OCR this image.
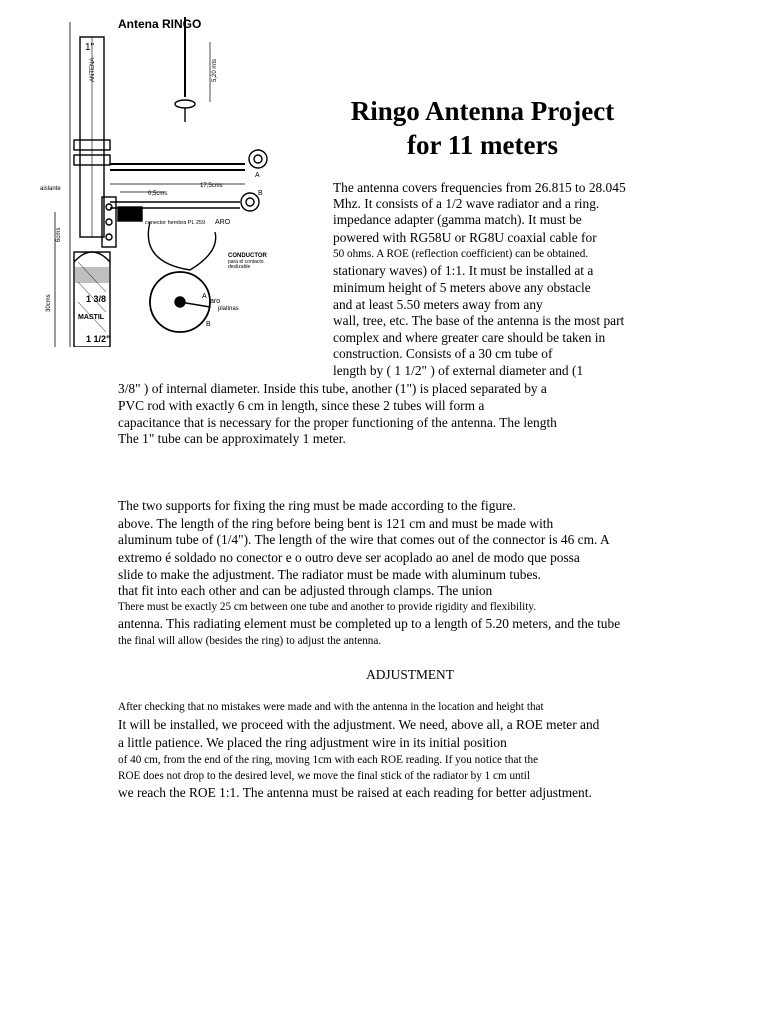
Antena RINGO
1"
ANTENA	5,20 mts
17,5cms
A
B
aislante
6cms
30cms
0,5cms
conector hembra PL 259 ARO
CONDUCTOR
para el contacto
deslizable
1 3/8
MASTIL
1 1/2"
A
aro
platinas
B
Ringo Antenna Project
for 11 meters
The antenna covers frequencies from 26.815 to 28.045
Mhz. It consists of a 1/2 wave radiator and a ring.
impedance adapter (gamma match). It must be
powered with RG58U or RG8U coaxial cable for
50 ohms. A ROE (reflection coefficient) can be obtained.
stationary waves) of 1:1. It must be installed at a
minimum height of 5 meters above any obstacle
and at least 5.50 meters away from any
wall, tree, etc. The base of the antenna is the most part
complex and where greater care should be taken in
construction. Consists of a 30 cm tube of
length by ( 1 1/2" ) of external diameter and (1
3/8" ) of internal diameter. Inside this tube, another (1") is placed separated by a
PVC rod with exactly 6 cm in length, since these 2 tubes will form a
capacitance that is necessary for the proper functioning of the antenna. The length
The 1" tube can be approximately 1 meter.
The two supports for fixing the ring must be made according to the figure.
above. The length of the ring before being bent is 121 cm and must be made with
aluminum tube of (1/4"). The length of the wire that comes out of the connector is 46 cm. A
extremo é soldado no conector e o outro deve ser acoplado ao anel de modo que possa
slide to make the adjustment. The radiator must be made with aluminum tubes.
that fit into each other and can be adjusted through clamps. The union
There must be exactly 25 cm between one tube and another to provide rigidity and flexibility.
antenna. This radiating element must be completed up to a length of 5.20 meters, and the tube
the final will allow (besides the ring) to adjust the antenna.
ADJUSTMENT
After checking that no mistakes were made and with the antenna in the location and height that
It will be installed, we proceed with the adjustment. We need, above all, a ROE meter and
a little patience. We placed the ring adjustment wire in its initial position
of 40 cm, from the end of the ring, moving 1cm with each ROE reading. If you notice that the
ROE does not drop to the desired level, we move the final stick of the radiator by 1 cm until
we reach the ROE 1:1. The antenna must be raised at each reading for better adjustment.
